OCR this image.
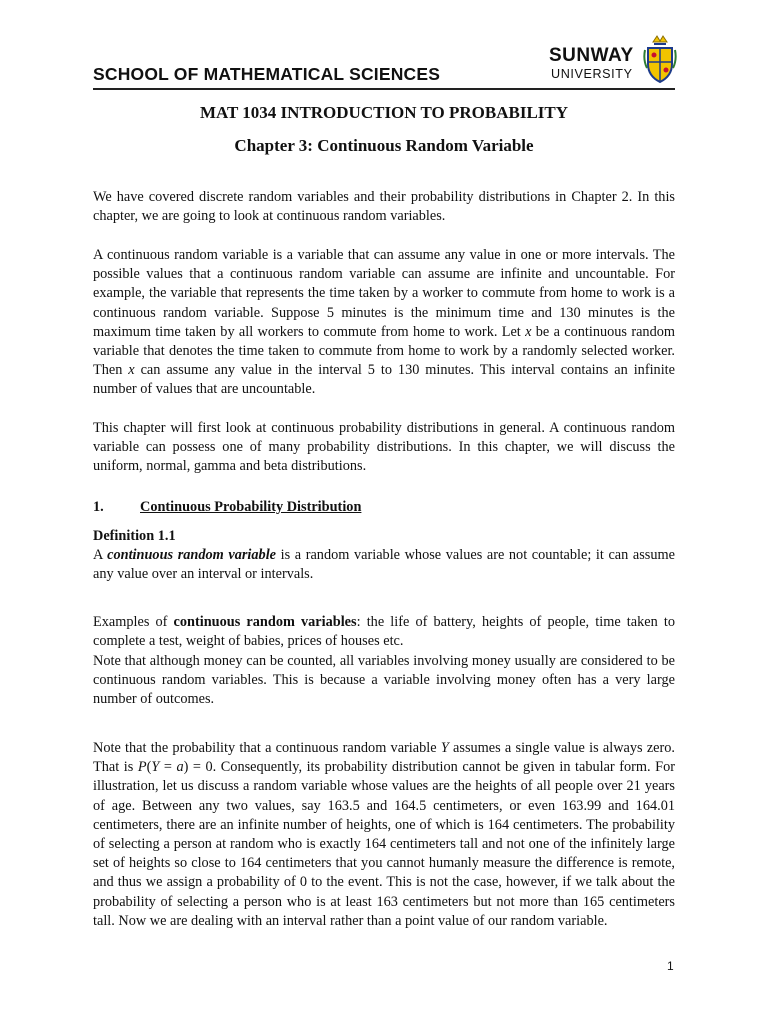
SCHOOL OF MATHEMATICAL SCIENCES
SUNWAY
UNIVERSITY
MAT 1034 INTRODUCTION TO PROBABILITY
Chapter 3: Continuous Random Variable

We have covered discrete random variables and their probability distributions in Chapter 2. In this chapter, we are going to look at continuous random variables.

A continuous random variable is a variable that can assume any value in one or more intervals. The possible values that a continuous random variable can assume are infinite and uncountable. For example, the variable that represents the time taken by a worker to commute from home to work is a continuous random variable. Suppose 5 minutes is the minimum time and 130 minutes is the maximum time taken by all workers to commute from home to work. Let x be a continuous random variable that denotes the time taken to commute from home to work by a randomly selected worker. Then x can assume any value in the interval 5 to 130 minutes. This interval contains an infinite number of values that are uncountable.

This chapter will first look at continuous probability distributions in general. A continuous random variable can possess one of many probability distributions. In this chapter, we will discuss the uniform, normal, gamma and beta distributions.

1.	Continuous Probability Distribution
Definition 1.1

A continuous random variable is a random variable whose values are not countable; it can assume any value over an interval or intervals.

Examples of continuous random variables: the life of battery, heights of people, time taken to complete a test, weight of babies, prices of houses etc.

Note that although money can be counted, all variables involving money usually are considered to be continuous random variables. This is because a variable involving money often has a very large number of outcomes.

Note that the probability that a continuous random variable Y assumes a single value is always zero. That is P(Y = a) = 0. Consequently, its probability distribution cannot be given in tabular form. For illustration, let us discuss a random variable whose values are the heights of all people over 21 years of age. Between any two values, say 163.5 and 164.5 centimeters, or even 163.99 and 164.01 centimeters, there are an infinite number of heights, one of which is 164 centimeters. The probability of selecting a person at random who is exactly 164 centimeters tall and not one of the infinitely large set of heights so close to 164 centimeters that you cannot humanly measure the difference is remote, and thus we assign a probability of 0 to the event. This is not the case, however, if we talk about the probability of selecting a person who is at least 163 centimeters but not more than 165 centimeters tall. Now we are dealing with an interval rather than a point value of our random variable.

1
